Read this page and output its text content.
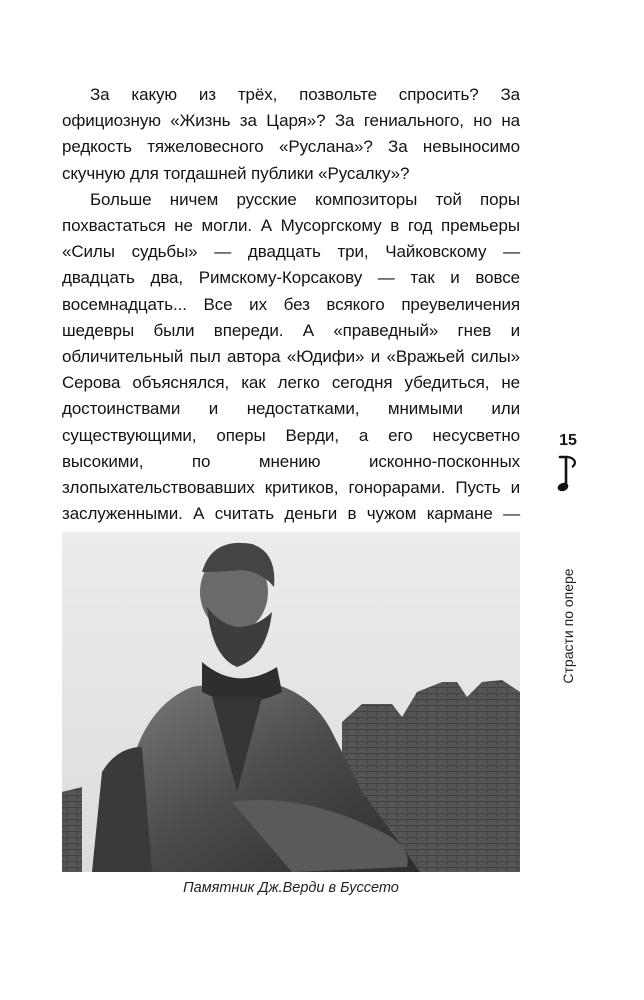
За какую из трёх, позвольте спросить? За официозную «Жизнь за Царя»? За гениального, но на редкость тяжеловесного «Руслана»? За невыносимо скучную для тогдашней публики «Русалку»?

Больше ничем русские композиторы той поры похвастаться не могли. А Мусоргскому в год премьеры «Силы судьбы» — двадцать три, Чайковскому — двадцать два, Римскому-Корсакову — так и вовсе восемнадцать... Все их без всякого преувеличения шедевры были впереди. А «праведный» гнев и обличительный пыл автора «Юдифи» и «Вражьей силы» Серова объяснялся, как легко сегодня убедиться, не достоинствами и недостатками, мнимыми или существующими, оперы Верди, а его несусветно высокими, по мнению исконно-посконных злопыхательствовавших критиков, гонорарами. Пусть и заслуженными. А считать деньги в чужом кармане —

15
Страсти по опере
Памятник Дж.Верди в Буссето
